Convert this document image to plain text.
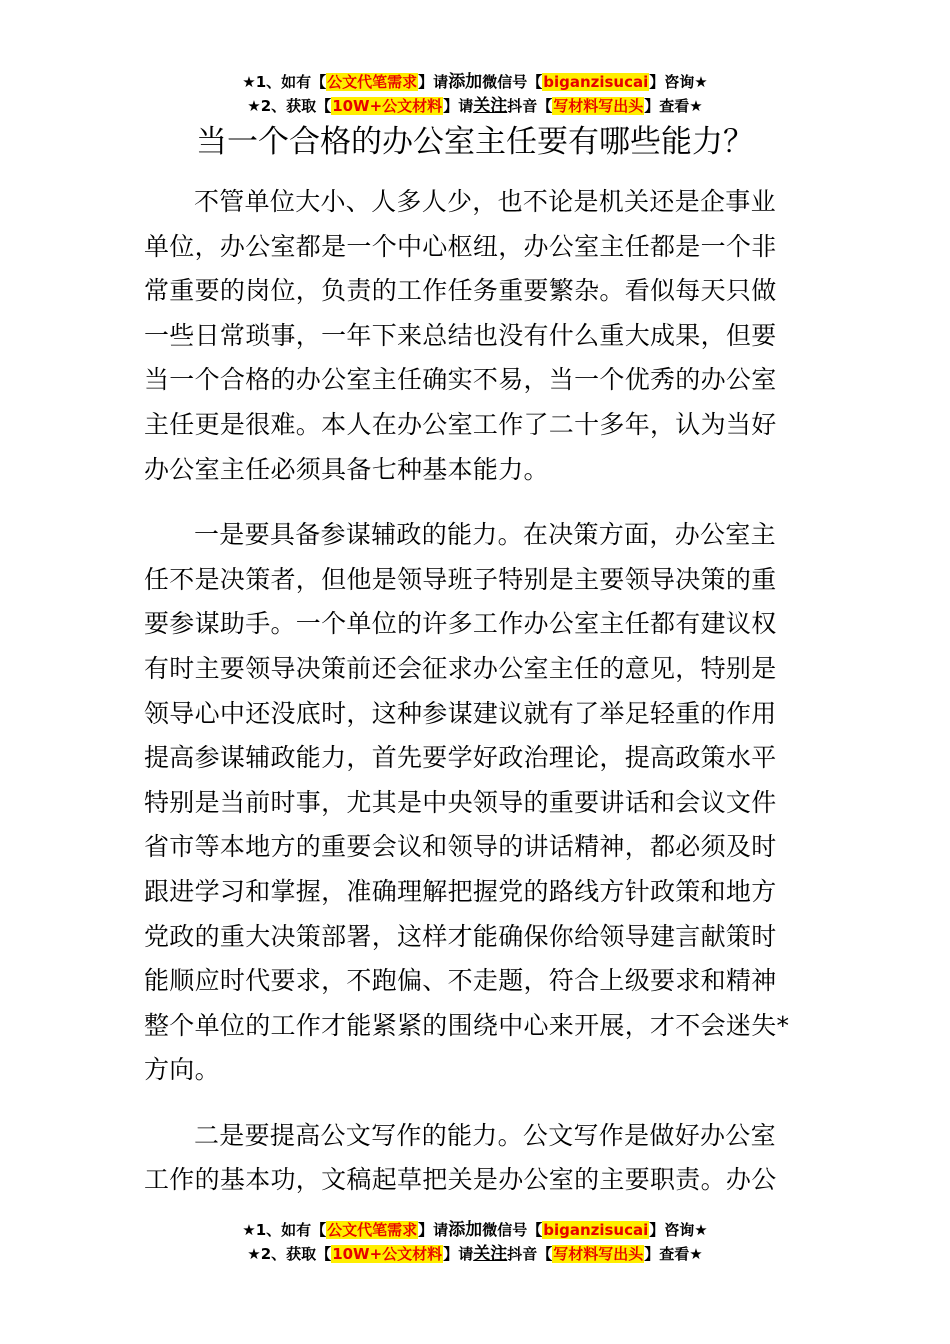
★1、如有【公文代笔需求】请添加微信号【biganzisucai】咨询★
★2、获取【10W+公文材料】请关注抖音【写材料写出头】查看★
当一个合格的办公室主任要有哪些能力？

不管单位大小、人多人少，也不论是机关还是企事业
单位，办公室都是一个中心枢纽，办公室主任都是一个非
常重要的岗位，负责的工作任务重要繁杂。看似每天只做
一些日常琐事，一年下来总结也没有什么重大成果，但要
当一个合格的办公室主任确实不易，当一个优秀的办公室
主任更是很难。本人在办公室工作了二十多年，认为当好
办公室主任必须具备七种基本能力。

一是要具备参谋辅政的能力。在决策方面，办公室主
任不是决策者，但他是领导班子特别是主要领导决策的重
要参谋助手。一个单位的许多工作办公室主任都有建议权
有时主要领导决策前还会征求办公室主任的意见，特别是
领导心中还没底时，这种参谋建议就有了举足轻重的作用
提高参谋辅政能力，首先要学好政治理论，提高政策水平
特别是当前时事，尤其是中央领导的重要讲话和会议文件
省市等本地方的重要会议和领导的讲话精神，都必须及时
跟进学习和掌握，准确理解把握党的路线方针政策和地方
党政的重大决策部署，这样才能确保你给领导建言献策时
能顺应时代要求，不跑偏、不走题，符合上级要求和精神
整个单位的工作才能紧紧的围绕中心来开展，才不会迷失*
方向。

二是要提高公文写作的能力。公文写作是做好办公室
工作的基本功，文稿起草把关是办公室的主要职责。办公

★1、如有【公文代笔需求】请添加微信号【biganzisucai】咨询★
★2、获取【10W+公文材料】请关注抖音【写材料写出头】查看★
